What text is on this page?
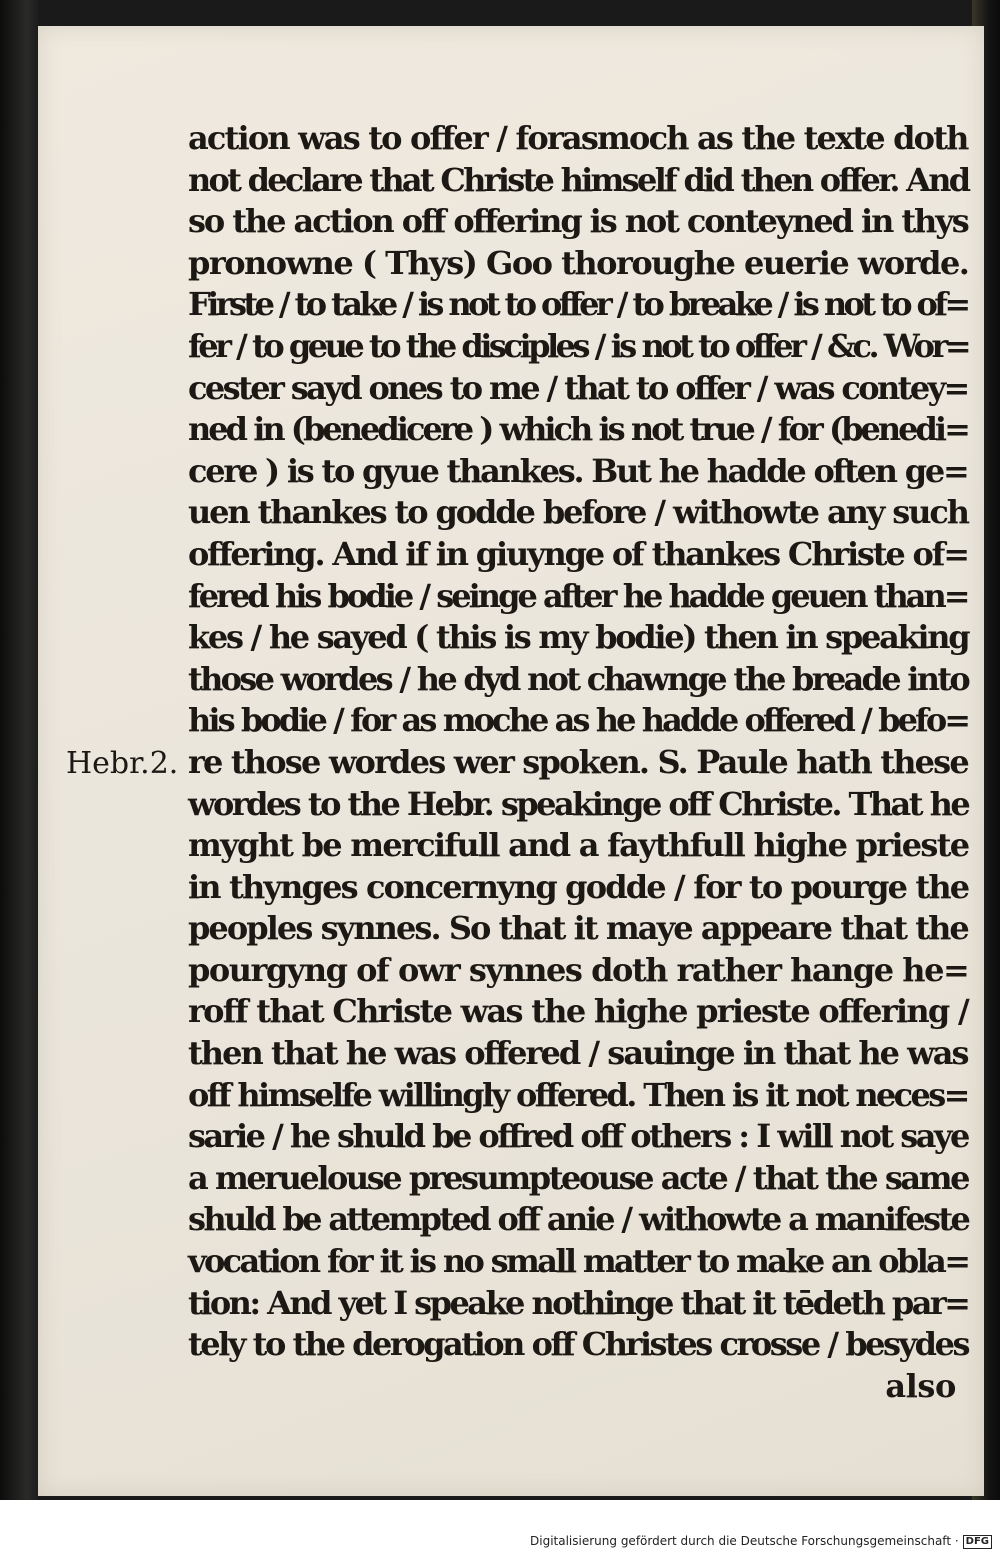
Hebr.2.
action was to offer / forasmoch as the texte doth
not declare that Christe himself did then offer. And
so the action off offering is not conteyned in thys
pronowne ( Thys) Goo thoroughe euerie worde.
Firste / to take / is not to offer / to breake / is not to of=
fer / to geue to the disciples / is not to offer / &c. Wor=
cester sayd ones to me / that to offer / was contey=
ned in (benedicere ) which is not true / for (benedi=
cere ) is to gyue thankes. But he hadde often ge=
uen thankes to godde before / withowte any such
offering. And if in giuynge of thankes Christe of=
fered his bodie / seinge after he hadde geuen than=
kes / he sayed ( this is my bodie) then in speaking
those wordes / he dyd not chawnge the breade into
his bodie / for as moche as he hadde offered / befo=
re those wordes wer spoken. S. Paule hath these
wordes to the Hebr. speakinge off Christe. That he
myght be mercifull and a faythfull highe prieste
in thynges concernyng godde / for to pourge the
peoples synnes. So that it maye appeare that the
pourgyng of owr synnes doth rather hange he=
roff that Christe was the highe prieste offering /
then that he was offered / sauinge in that he was
off himselfe willingly offered. Then is it not neces=
sarie / he shuld be offred off others : I will not saye
a meruelouse presumpteouse acte / that the same
shuld be attempted off anie / withowte a manifeste
vocation for it is no small matter to make an obla=
tion: And yet I speake nothinge that it tēdeth par=
tely to the derogation off Christes crosse / besydes
also
Digitalisierung gefördert durch die Deutsche Forschungsgemeinschaft · DFG
